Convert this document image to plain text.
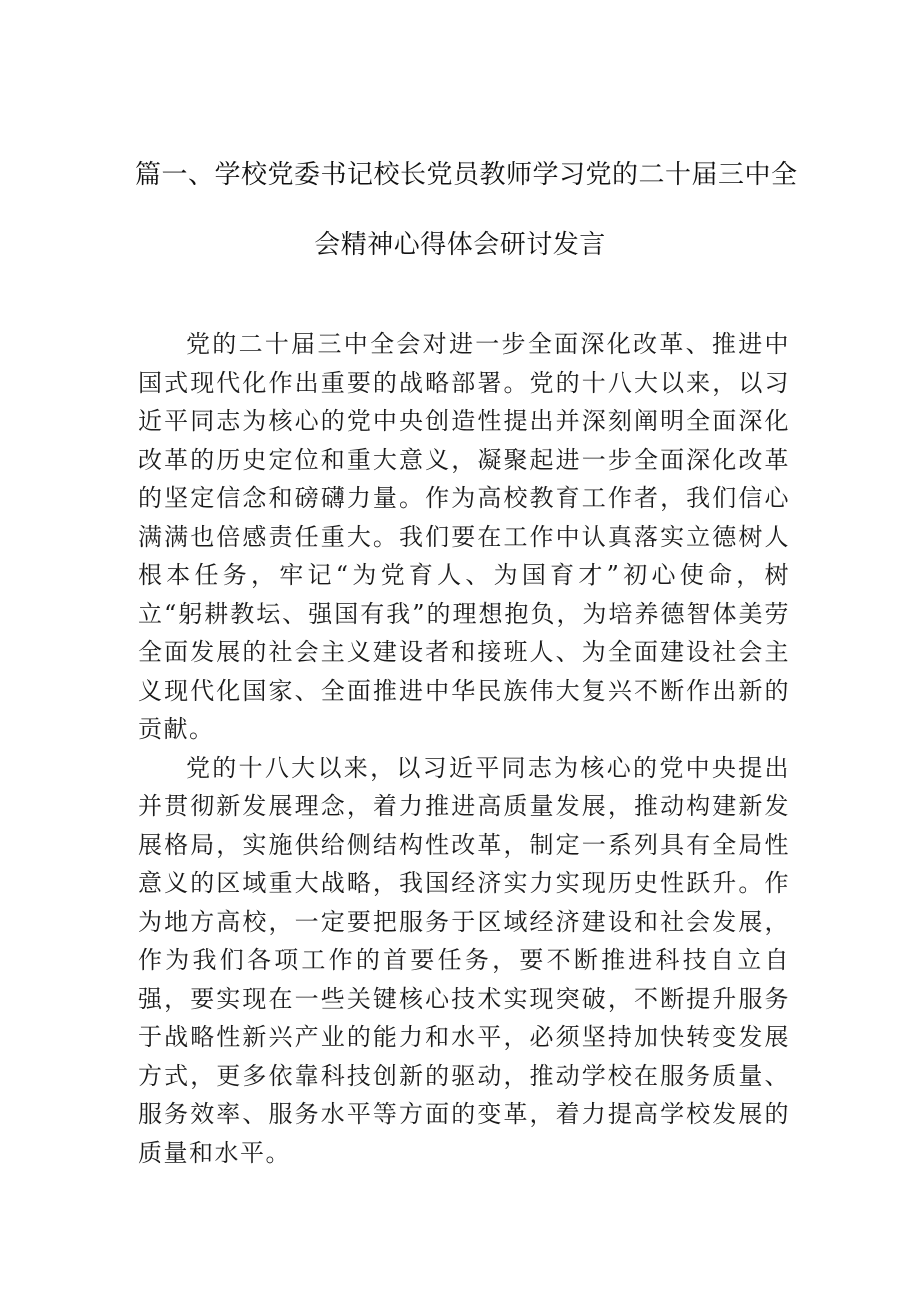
篇一、学校党委书记校长党员教师学习党的二十届三中全
会精神心得体会研讨发言

党的二十届三中全会对进一步全面深化改革、推进中国式现代化作出重要的战略部署。党的十八大以来，以习近平同志为核心的党中央创造性提出并深刻阐明全面深化改革的历史定位和重大意义，凝聚起进一步全面深化改革的坚定信念和磅礴力量。作为高校教育工作者，我们信心满满也倍感责任重大。我们要在工作中认真落实立德树人根本任务，牢记“为党育人、为国育才”初心使命，树立“躬耕教坛、强国有我”的理想抱负，为培养德智体美劳全面发展的社会主义建设者和接班人、为全面建设社会主义现代化国家、全面推进中华民族伟大复兴不断作出新的贡献。

党的十八大以来，以习近平同志为核心的党中央提出并贯彻新发展理念，着力推进高质量发展，推动构建新发展格局，实施供给侧结构性改革，制定一系列具有全局性意义的区域重大战略，我国经济实力实现历史性跃升。作为地方高校，一定要把服务于区域经济建设和社会发展，作为我们各项工作的首要任务，要不断推进科技自立自强，要实现在一些关键核心技术实现突破，不断提升服务于战略性新兴产业的能力和水平，必须坚持加快转变发展方式，更多依靠科技创新的驱动，推动学校在服务质量、服务效率、服务水平等方面的变革，着力提高学校发展的质量和水平。
